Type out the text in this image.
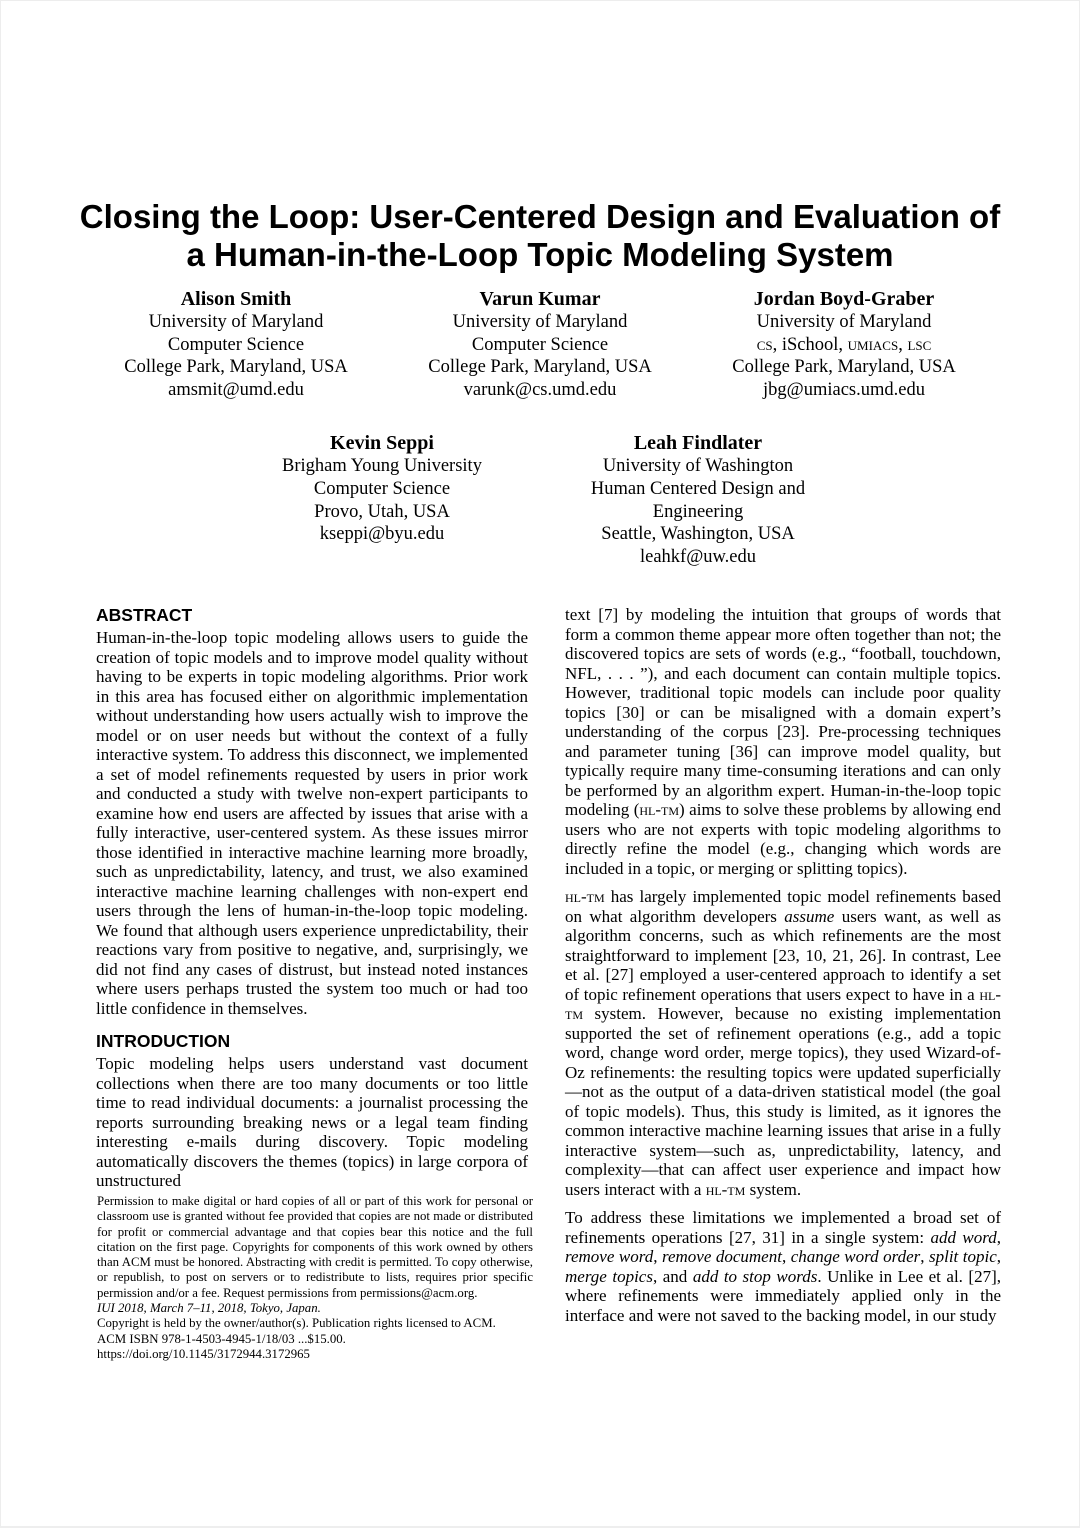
Closing the Loop: User-Centered Design and Evaluation of
a Human-in-the-Loop Topic Modeling System
Alison Smith
University of Maryland
Computer Science
College Park, Maryland, USA
amsmit@umd.edu
Varun Kumar
University of Maryland
Computer Science
College Park, Maryland, USA
varunk@cs.umd.edu
Jordan Boyd-Graber
University of Maryland
cs, iSchool, umiacs, lsc
College Park, Maryland, USA
jbg@umiacs.umd.edu
Kevin Seppi
Brigham Young University
Computer Science
Provo, Utah, USA
kseppi@byu.edu
Leah Findlater
University of Washington
Human Centered Design and
Engineering
Seattle, Washington, USA
leahkf@uw.edu
ABSTRACT

Human-in-the-loop topic modeling allows users to guide the creation of topic models and to improve model quality without having to be experts in topic modeling algorithms. Prior work in this area has focused either on algorithmic implementation without understanding how users actually wish to improve the model or on user needs but without the context of a fully interactive system. To address this disconnect, we implemented a set of model refinements requested by users in prior work and conducted a study with twelve non-expert participants to examine how end users are affected by issues that arise with a fully interactive, user-centered system. As these issues mirror those identified in interactive machine learning more broadly, such as unpredictability, latency, and trust, we also examined interactive machine learning challenges with non-expert end users through the lens of human-in-the-loop topic modeling. We found that although users experience unpredictability, their reactions vary from positive to negative, and, surprisingly, we did not find any cases of distrust, but instead noted instances where users perhaps trusted the system too much or had too little confidence in themselves.

INTRODUCTION

Topic modeling helps users understand vast document collections when there are too many documents or too little time to read individual documents: a journalist processing the reports surrounding breaking news or a legal team finding interesting e-mails during discovery. Topic modeling automatically discovers the themes (topics) in large corpora of unstructured

text [7] by modeling the intuition that groups of words that form a common theme appear more often together than not; the discovered topics are sets of words (e.g., “football, touchdown, NFL, . . . ”), and each document can contain multiple topics. However, traditional topic models can include poor quality topics [30] or can be misaligned with a domain expert’s understanding of the corpus [23]. Pre-processing techniques and parameter tuning [36] can improve model quality, but typically require many time-consuming iterations and can only be performed by an algorithm expert. Human-in-the-loop topic modeling (hl-tm) aims to solve these problems by allowing end users who are not experts with topic modeling algorithms to directly refine the model (e.g., changing which words are included in a topic, or merging or splitting topics).

hl-tm has largely implemented topic model refinements based on what algorithm developers assume users want, as well as algorithm concerns, such as which refinements are the most straightforward to implement [23, 10, 21, 26]. In contrast, Lee et al. [27] employed a user-centered approach to identify a set of topic refinement operations that users expect to have in a hl-tm system. However, because no existing implementation supported the set of refinement operations (e.g., add a topic word, change word order, merge topics), they used Wizard-of-Oz refinements: the resulting topics were updated superficially—not as the output of a data-driven statistical model (the goal of topic models). Thus, this study is limited, as it ignores the common interactive machine learning issues that arise in a fully interactive system—such as, unpredictability, latency, and complexity—that can affect user experience and impact how users interact with a hl-tm system.

To address these limitations we implemented a broad set of refinements operations [27, 31] in a single system: add word, remove word, remove document, change word order, split topic, merge topics, and add to stop words. Unlike in Lee et al. [27], where refinements were immediately applied only in the interface and were not saved to the backing model, in our study

Permission to make digital or hard copies of all or part of this work for personal or classroom use is granted without fee provided that copies are not made or distributed for profit or commercial advantage and that copies bear this notice and the full citation on the first page. Copyrights for components of this work owned by others than ACM must be honored. Abstracting with credit is permitted. To copy otherwise, or republish, to post on servers or to redistribute to lists, requires prior specific permission and/or a fee. Request permissions from permissions@acm.org.

IUI 2018, March 7–11, 2018, Tokyo, Japan.

Copyright is held by the owner/author(s). Publication rights licensed to ACM.

ACM ISBN 978-1-4503-4945-1/18/03 ...$15.00.

https://doi.org/10.1145/3172944.3172965
